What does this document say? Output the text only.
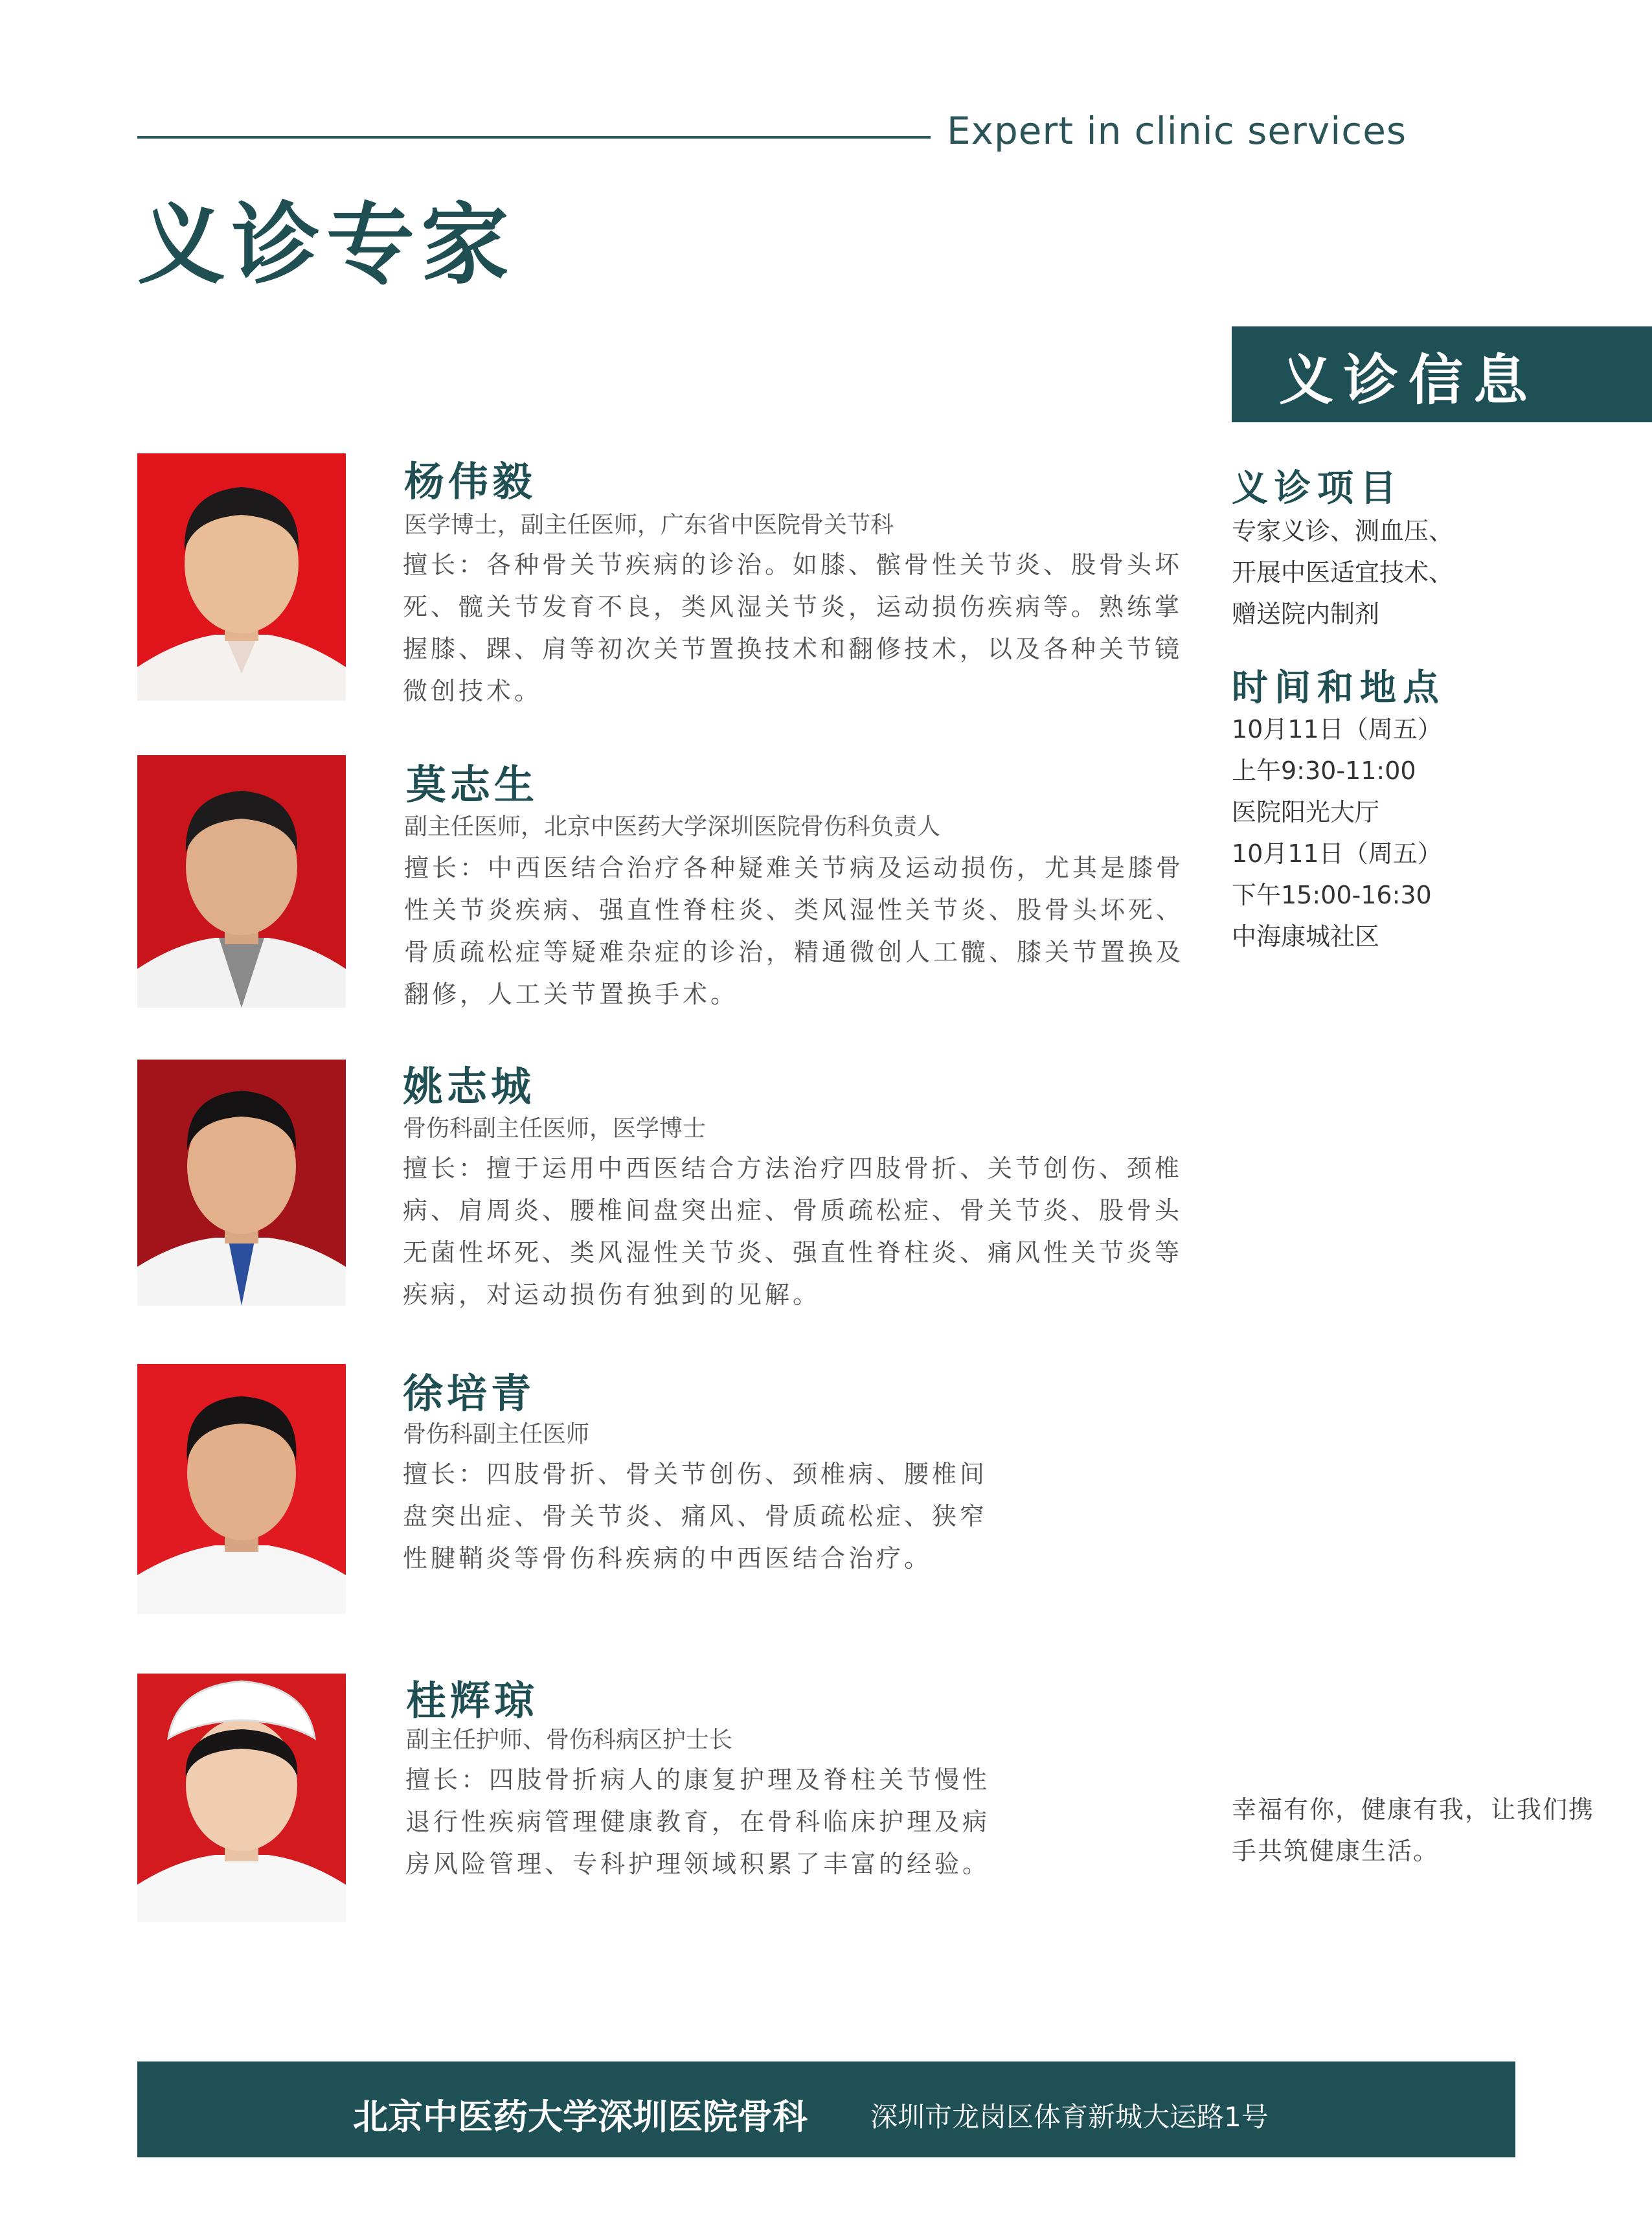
Expert in clinic services
义诊专家
杨伟毅
医学博士，副主任医师，广东省中医院骨关节科
擅长：各种骨关节疾病的诊治。如膝、髌骨性关节炎、股骨头坏死、髋关节发育不良，类风湿关节炎，运动损伤疾病等。熟练掌握膝、踝、肩等初次关节置换技术和翻修技术，以及各种关节镜微创技术。
莫志生
副主任医师，北京中医药大学深圳医院骨伤科负责人
擅长：中西医结合治疗各种疑难关节病及运动损伤，尤其是膝骨性关节炎疾病、强直性脊柱炎、类风湿性关节炎、股骨头坏死、骨质疏松症等疑难杂症的诊治，精通微创人工髋、膝关节置换及翻修，人工关节置换手术。
姚志城
骨伤科副主任医师，医学博士
擅长：擅于运用中西医结合方法治疗四肢骨折、关节创伤、颈椎病、肩周炎、腰椎间盘突出症、骨质疏松症、骨关节炎、股骨头无菌性坏死、类风湿性关节炎、强直性脊柱炎、痛风性关节炎等疾病，对运动损伤有独到的见解。
徐培青
骨伤科副主任医师
擅长：四肢骨折、骨关节创伤、颈椎病、腰椎间盘突出症、骨关节炎、痛风、骨质疏松症、狭窄性腱鞘炎等骨伤科疾病的中西医结合治疗。
桂辉琼
副主任护师、骨伤科病区护士长
擅长：四肢骨折病人的康复护理及脊柱关节慢性退行性疾病管理健康教育，在骨科临床护理及病房风险管理、专科护理领域积累了丰富的经验。
义诊信息
义诊项目
专家义诊、测血压、
开展中医适宜技术、
赠送院内制剂
时间和地点
10月11日（周五）
上午9:30-11:00
医院阳光大厅
10月11日（周五）
下午15:00-16:30
中海康城社区
幸福有你，健康有我，让我们携手共筑健康生活。
北京中医药大学深圳医院骨科 深圳市龙岗区体育新城大运路1号
